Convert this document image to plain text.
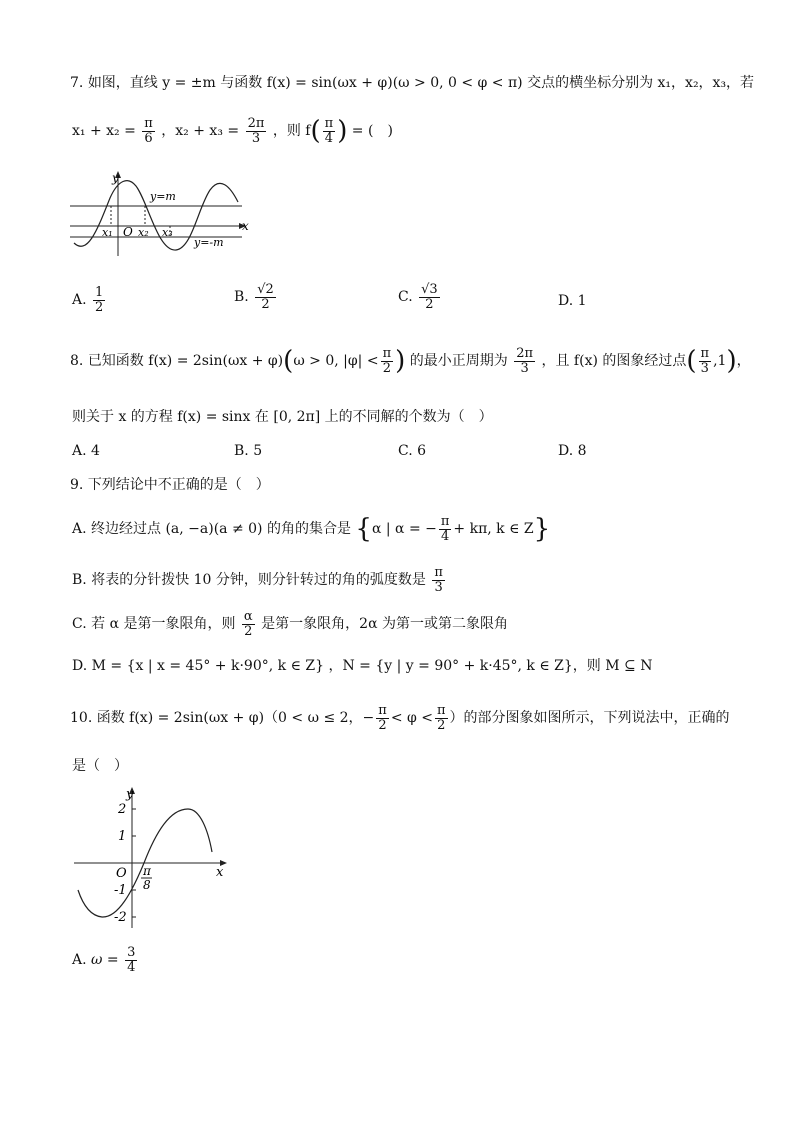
7. 如图，直线 y = ±m 与函数 f(x) = sin(ωx + φ)(ω > 0, 0 < φ < π) 交点的横坐标分别为 x₁，x₂，x₃，若
$x_1 + x_2 = \frac{\pi}{6}$ ，$x_2 + x_3 = \frac{2\pi}{3}$ ，则 $f( \frac{\pi}{4}$ ) = (　)
y
x
y=m
y=-m
O
x₁ x₂ x₃
A. $\frac{1}{2}$	B. $\frac{√2}{2}$	C. $\frac{√3}{2}$	D. 1
8. 已知函数 f(x) = 2sin(ωx + φ)(ω > 0, $|\varphi| < \frac{\pi}{2}$ ) 的最小正周期为 $\frac{2\pi}{3}$ ，且 f(x) 的图象经过点( $\frac{\pi}{3} ,1$)，
则关于 x 的方程 f(x) = sinx 在 [0, 2π] 上的不同解的个数为（　）
A. 4	B. 5	C. 6	D. 8
9. 下列结论中不正确的是（　）
A. 终边经过点 (a, −a)(a ≠ 0) 的角的集合是 {α | α = − $\frac{\pi}{4} + k\pi$, k ∈ Z}
B. 将表的分针拨快 10 分钟，则分针转过的角的弧度数是 $\frac{\pi}{3}$
C. 若 α 是第一象限角，则 $\frac{\alpha}{2}$ 是第一象限角，2α 为第一或第二象限角
D. M = {x | x = 45° + k·90°, k ∈ Z} ，N = {y | y = 90° + k·45°, k ∈ Z}，则 M ⊆ N
10. 函数 f(x) = 2sin(ωx + φ)（0 < ω ≤ 2，− $\frac{\pi}{2} < \varphi < \frac{\pi}{2}$ ）的部分图象如图所示，下列说法中，正确的
是（　）
2
1
-1
-2
y
x
O π
8
A. $\omega = \frac{3}{4}$
